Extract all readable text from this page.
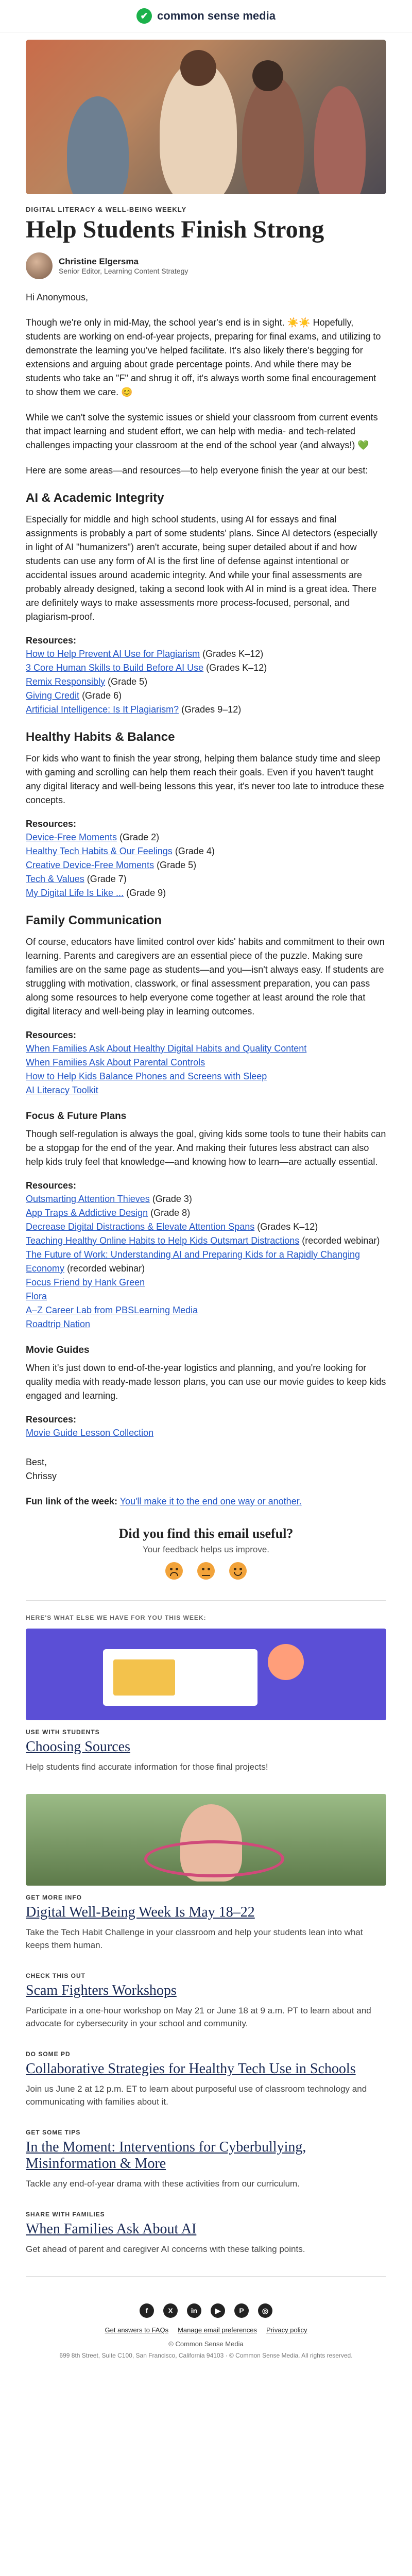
✔ common sense media
DIGITAL LITERACY & WELL-BEING WEEKLY
Help Students Finish Strong
Christine Elgersma
Senior Editor, Learning Content Strategy

Hi Anonymous,

Though we're only in mid-May, the school year's end is in sight. ☀️☀️ Hopefully, students are working on end-of-year projects, preparing for final exams, and utilizing to demonstrate the learning you've helped facilitate. It's also likely there's begging for extensions and arguing about grade percentage points. And while there may be students who take an "F" and shrug it off, it's always worth some final encouragement to show them we care. 😊

While we can't solve the systemic issues or shield your classroom from current events that impact learning and student effort, we can help with media- and tech-related challenges impacting your classroom at the end of the school year (and always!) 💚

Here are some areas—and resources—to help everyone finish the year at our best:

AI & Academic Integrity

Especially for middle and high school students, using AI for essays and final assignments is probably a part of some students' plans. Since AI detectors (especially in light of AI "humanizers") aren't accurate, being super detailed about if and how students can use any form of AI is the first line of defense against intentional or accidental issues around academic integrity. And while your final assessments are probably already designed, taking a second look with AI in mind is a great idea. There are definitely ways to make assessments more process-focused, personal, and plagiarism-proof.

Resources:
How to Help Prevent AI Use for Plagiarism (Grades K–12)
3 Core Human Skills to Build Before AI Use (Grades K–12)
Remix Responsibly (Grade 5)
Giving Credit (Grade 6)
Artificial Intelligence: Is It Plagiarism? (Grades 9–12)
Healthy Habits & Balance

For kids who want to finish the year strong, helping them balance study time and sleep with gaming and scrolling can help them reach their goals. Even if you haven't taught any digital literacy and well-being lessons this year, it's never too late to introduce these concepts.

Resources:
Device-Free Moments (Grade 2)
Healthy Tech Habits & Our Feelings (Grade 4)
Creative Device-Free Moments (Grade 5)
Tech & Values (Grade 7)
My Digital Life Is Like ... (Grade 9)
Family Communication

Of course, educators have limited control over kids' habits and commitment to their own learning. Parents and caregivers are an essential piece of the puzzle. Making sure families are on the same page as students—and you—isn't always easy. If students are struggling with motivation, classwork, or final assessment preparation, you can pass along some resources to help everyone come together at least around the role that digital literacy and well-being play in learning outcomes.

Resources:
When Families Ask About Healthy Digital Habits and Quality Content
When Families Ask About Parental Controls
How to Help Kids Balance Phones and Screens with Sleep
AI Literacy Toolkit
Focus & Future Plans

Though self-regulation is always the goal, giving kids some tools to tune their habits can be a stopgap for the end of the year. And making their futures less abstract can also help kids truly feel that knowledge—and knowing how to learn—are actually essential.

Resources:
Outsmarting Attention Thieves (Grade 3)
App Traps & Addictive Design (Grade 8)
Decrease Digital Distractions & Elevate Attention Spans (Grades K–12)
Teaching Healthy Online Habits to Help Kids Outsmart Distractions (recorded webinar)
The Future of Work: Understanding AI and Preparing Kids for a Rapidly Changing Economy (recorded webinar)
Focus Friend by Hank Green
Flora
A–Z Career Lab from PBSLearning Media
Roadtrip Nation
Movie Guides

When it's just down to end-of-the-year logistics and planning, and you're looking for quality media with ready-made lesson plans, you can use our movie guides to keep kids engaged and learning.

Resources:
Movie Guide Lesson Collection
Best,
Chrissy
Fun link of the week: You'll make it to the end one way or another.
Did you find this email useful?
Your feedback helps us improve.
HERE'S WHAT ELSE WE HAVE FOR YOU THIS WEEK:
USE WITH STUDENTS
Choosing Sources
Help students find accurate information for those final projects!
GET MORE INFO
Digital Well-Being Week Is May 18–22
Take the Tech Habit Challenge in your classroom and help your students lean into what keeps them human.
CHECK THIS OUT
Scam Fighters Workshops
Participate in a one-hour workshop on May 21 or June 18 at 9 a.m. PT to learn about and advocate for cybersecurity in your school and community.
DO SOME PD
Collaborative Strategies for Healthy Tech Use in Schools
Join us June 2 at 12 p.m. ET to learn about purposeful use of classroom technology and communicating with families about it.
GET SOME TIPS
In the Moment: Interventions for Cyberbullying, Misinformation & More
Tackle any end-of-year drama with these activities from our curriculum.
SHARE WITH FAMILIES
When Families Ask About AI
Get ahead of parent and caregiver AI concerns with these talking points.
f	X	in	▶	P	◎
Get answers to FAQs Manage email preferences Privacy policy
© Common Sense Media
699 8th Street, Suite C100, San Francisco, California 94103 · © Common Sense Media. All rights reserved.
